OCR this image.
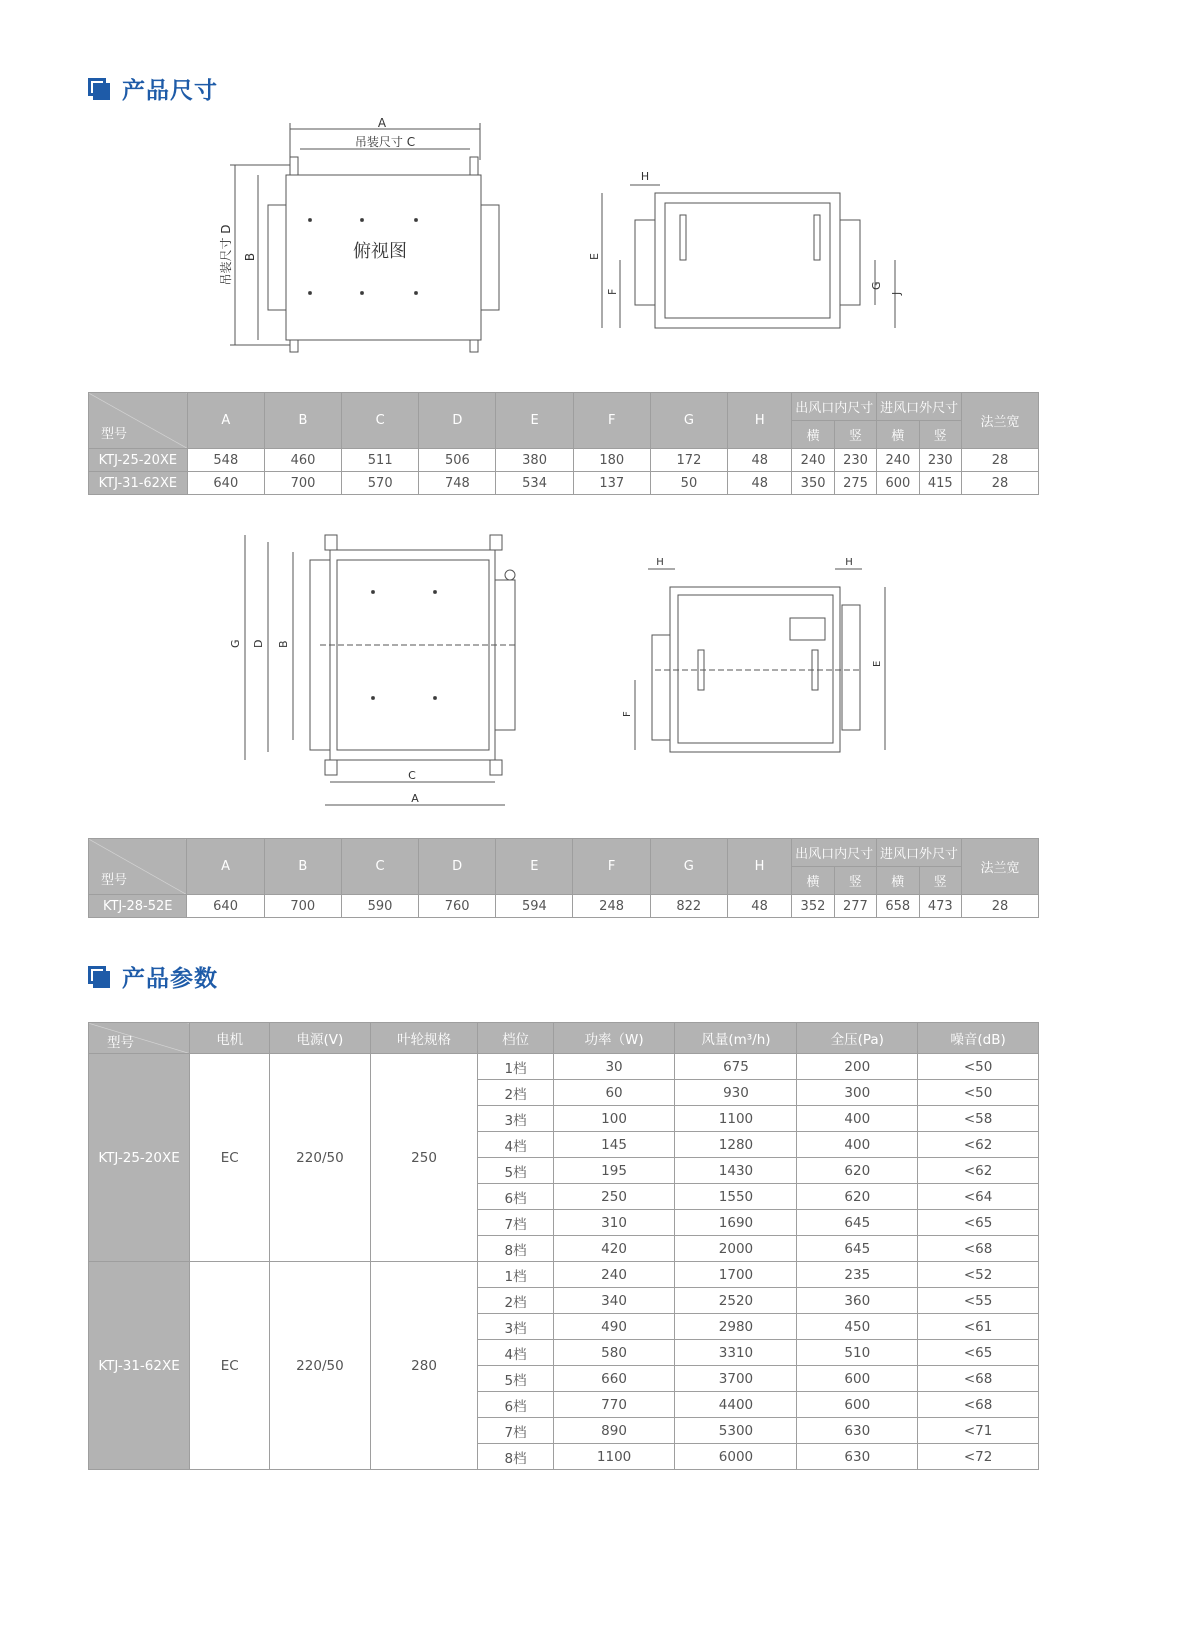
产品尺寸
A
吊装尺寸 C
俯视图
吊装尺寸 D B
H
E
F
G
J
型号	A	B	C	D	E	F	G	H	出风口内尺寸		进风口外尺寸		法兰宽
									横	竖	横	竖	
KTJ-25-20XE	548	460	511	506	380	180	172	48	240	230	240	230	28
KTJ-31-62XE	640	700	570	748	534	137	50	48	350	275	600	415	28
G D B
C
A
H	H
E
F
型号	A	B	C	D	E	F	G	H	出风口内尺寸		进风口外尺寸		法兰宽
									横	竖	横	竖	
KTJ-28-52E	640	700	590	760	594	248	822	48	352	277	658	473	28
产品参数
型号	电机	电源(V)	叶轮规格	档位	功率（W)	风量(m³/h)	全压(Pa)	噪音(dB)
KTJ-25-20XE	EC	220/50	250	1档	30	675	200	<50
				2档	60	930	300	<50
				3档	100	1100	400	<58
				4档	145	1280	400	<62
				5档	195	1430	620	<62
				6档	250	1550	620	<64
				7档	310	1690	645	<65
				8档	420	2000	645	<68
KTJ-31-62XE	EC	220/50	280	1档	240	1700	235	<52
				2档	340	2520	360	<55
				3档	490	2980	450	<61
				4档	580	3310	510	<65
				5档	660	3700	600	<68
				6档	770	4400	600	<68
				7档	890	5300	630	<71
				8档	1100	6000	630	<72
